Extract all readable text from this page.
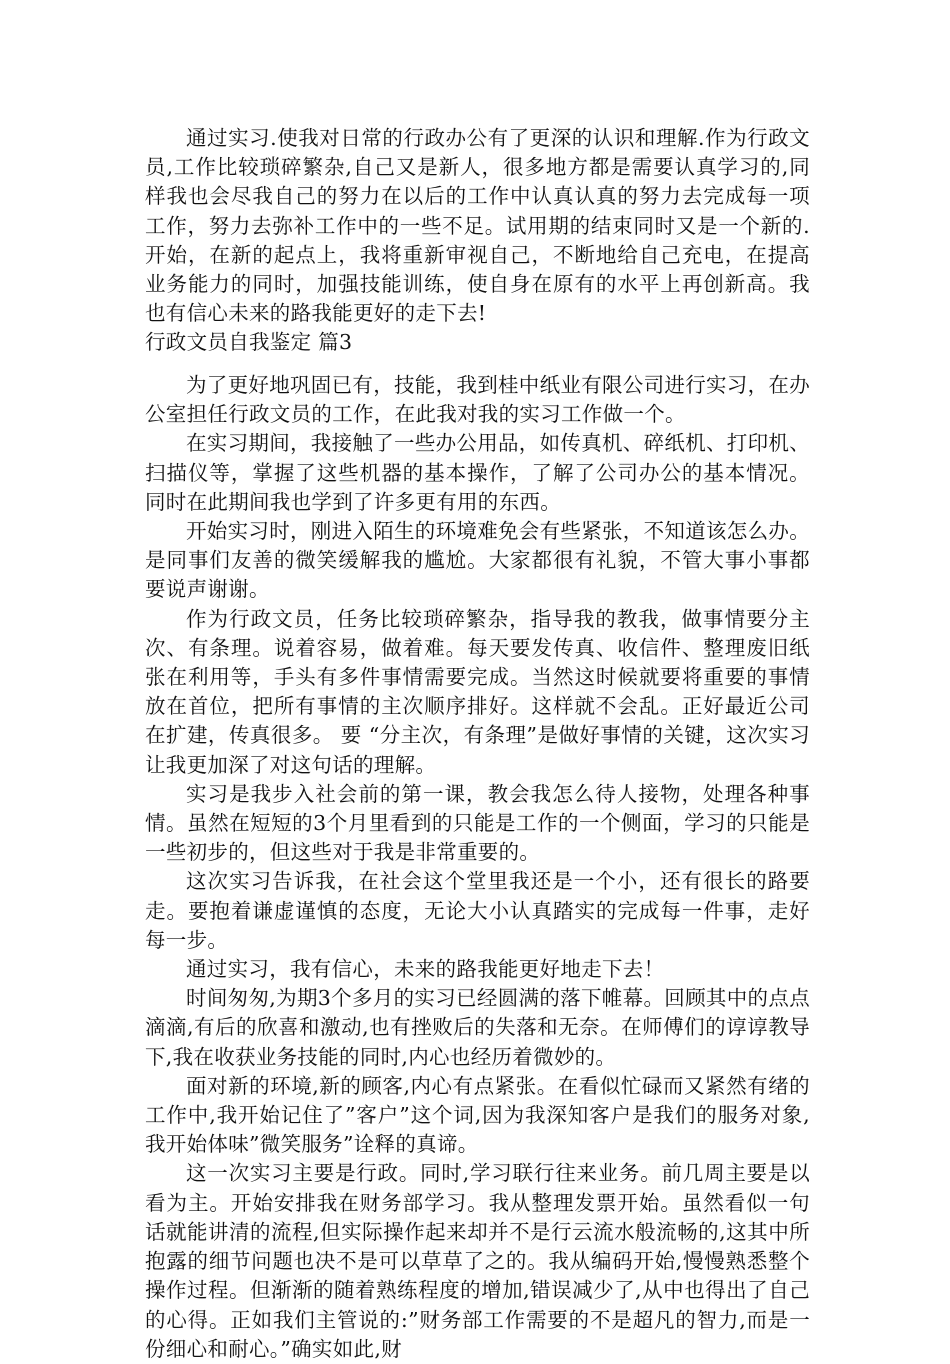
通过实习.使我对日常的行政办公有了更深的认识和理解.作为行政文员,工作比较琐碎繁杂,自己又是新人，很多地方都是需要认真学习的,同样我也会尽我自己的努力在以后的工作中认真认真的努力去完成每一项工作，努力去弥补工作中的一些不足。试用期的结束同时又是一个新的.开始，在新的起点上，我将重新审视自己，不断地给自己充电，在提高业务能力的同时，加强技能训练，使自身在原有的水平上再创新高。我也有信心未来的路我能更好的走下去!

行政文员自我鉴定 篇3

为了更好地巩固已有，技能，我到桂中纸业有限公司进行实习，在办公室担任行政文员的工作，在此我对我的实习工作做一个。

在实习期间，我接触了一些办公用品，如传真机、碎纸机、打印机、扫描仪等，掌握了这些机器的基本操作，了解了公司办公的基本情况。同时在此期间我也学到了许多更有用的东西。

开始实习时，刚进入陌生的环境难免会有些紧张，不知道该怎么办。是同事们友善的微笑缓解我的尴尬。大家都很有礼貌，不管大事小事都要说声谢谢。

作为行政文员，任务比较琐碎繁杂，指导我的教我，做事情要分主次、有条理。说着容易，做着难。每天要发传真、收信件、整理废旧纸张在利用等，手头有多件事情需要完成。当然这时候就要将重要的事情放在首位，把所有事情的主次顺序排好。这样就不会乱。正好最近公司在扩建，传真很多。 要 “分主次，有条理”是做好事情的关键，这次实习让我更加深了对这句话的理解。

实习是我步入社会前的第一课，教会我怎么待人接物，处理各种事情。虽然在短短的3个月里看到的只能是工作的一个侧面，学习的只能是一些初步的，但这些对于我是非常重要的。

这次实习告诉我，在社会这个堂里我还是一个小，还有很长的路要走。要抱着谦虚谨慎的态度，无论大小认真踏实的完成每一件事，走好每一步。

通过实习，我有信心，未来的路我能更好地走下去！

时间匆匆,为期3个多月的实习已经圆满的落下帷幕。回顾其中的点点滴滴,有后的欣喜和激动,也有挫败后的失落和无奈。在师傅们的谆谆教导下,我在收获业务技能的同时,内心也经历着微妙的。

面对新的环境,新的顾客,内心有点紧张。在看似忙碌而又紧然有绪的工作中,我开始记住了”客户”这个词,因为我深知客户是我们的服务对象,我开始体味”微笑服务”诠释的真谛。

这一次实习主要是行政。同时,学习联行往来业务。前几周主要是以看为主。开始安排我在财务部学习。我从整理发票开始。虽然看似一句话就能讲清的流程,但实际操作起来却并不是行云流水般流畅的,这其中所抱露的细节问题也决不是可以草草了之的。我从编码开始,慢慢熟悉整个操作过程。但渐渐的随着熟练程度的增加,错误减少了,从中也得出了自己的心得。正如我们主管说的:”财务部工作需要的不是超凡的智力,而是一份细心和耐心。”确实如此,财
